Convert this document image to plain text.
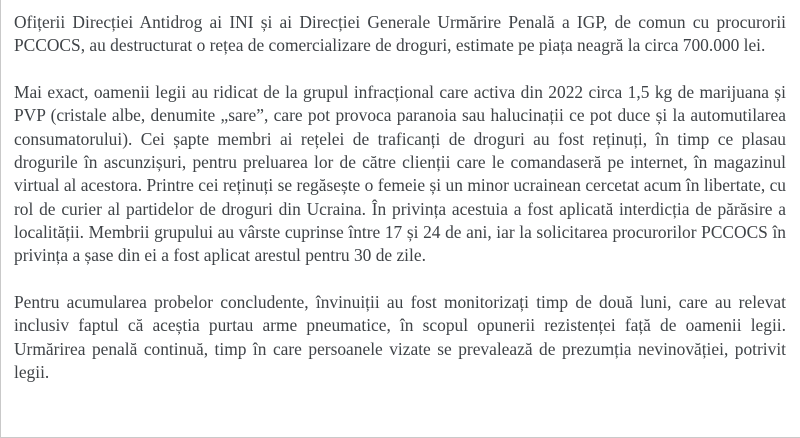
Ofițerii Direcției Antidrog ai INI și ai Direcției Generale Urmărire Penală a IGP, de comun cu procurorii PCCOCS, au destructurat o rețea de comercializare de droguri, estimate pe piața neagră la circa 700.000 lei.

Mai exact, oamenii legii au ridicat de la grupul infracțional care activa din 2022 circa 1,5 kg de marijuana și PVP (cristale albe, denumite „sare”, care pot provoca paranoia sau halucinații ce pot duce și la automutilarea consumatorului). Cei șapte membri ai rețelei de traficanți de droguri au fost reținuți, în timp ce plasau drogurile în ascunzișuri, pentru preluarea lor de către clienții care le comandaseră pe internet, în magazinul virtual al acestora. Printre cei reținuți se regăsește o femeie și un minor ucrainean cercetat acum în libertate, cu rol de curier al partidelor de droguri din Ucraina. În privința acestuia a fost aplicată interdicția de părăsire a localității. Membrii grupului au vârste cuprinse între 17 și 24 de ani, iar la solicitarea procurorilor PCCOCS în privința a șase din ei a fost aplicat arestul pentru 30 de zile.

Pentru acumularea probelor concludente, învinuiții au fost monitorizați timp de două luni, care au relevat inclusiv faptul că aceștia purtau arme pneumatice, în scopul opunerii rezistenței față de oamenii legii. Urmărirea penală continuă, timp în care persoanele vizate se prevalează de prezumția nevinovăției, potrivit legii.
